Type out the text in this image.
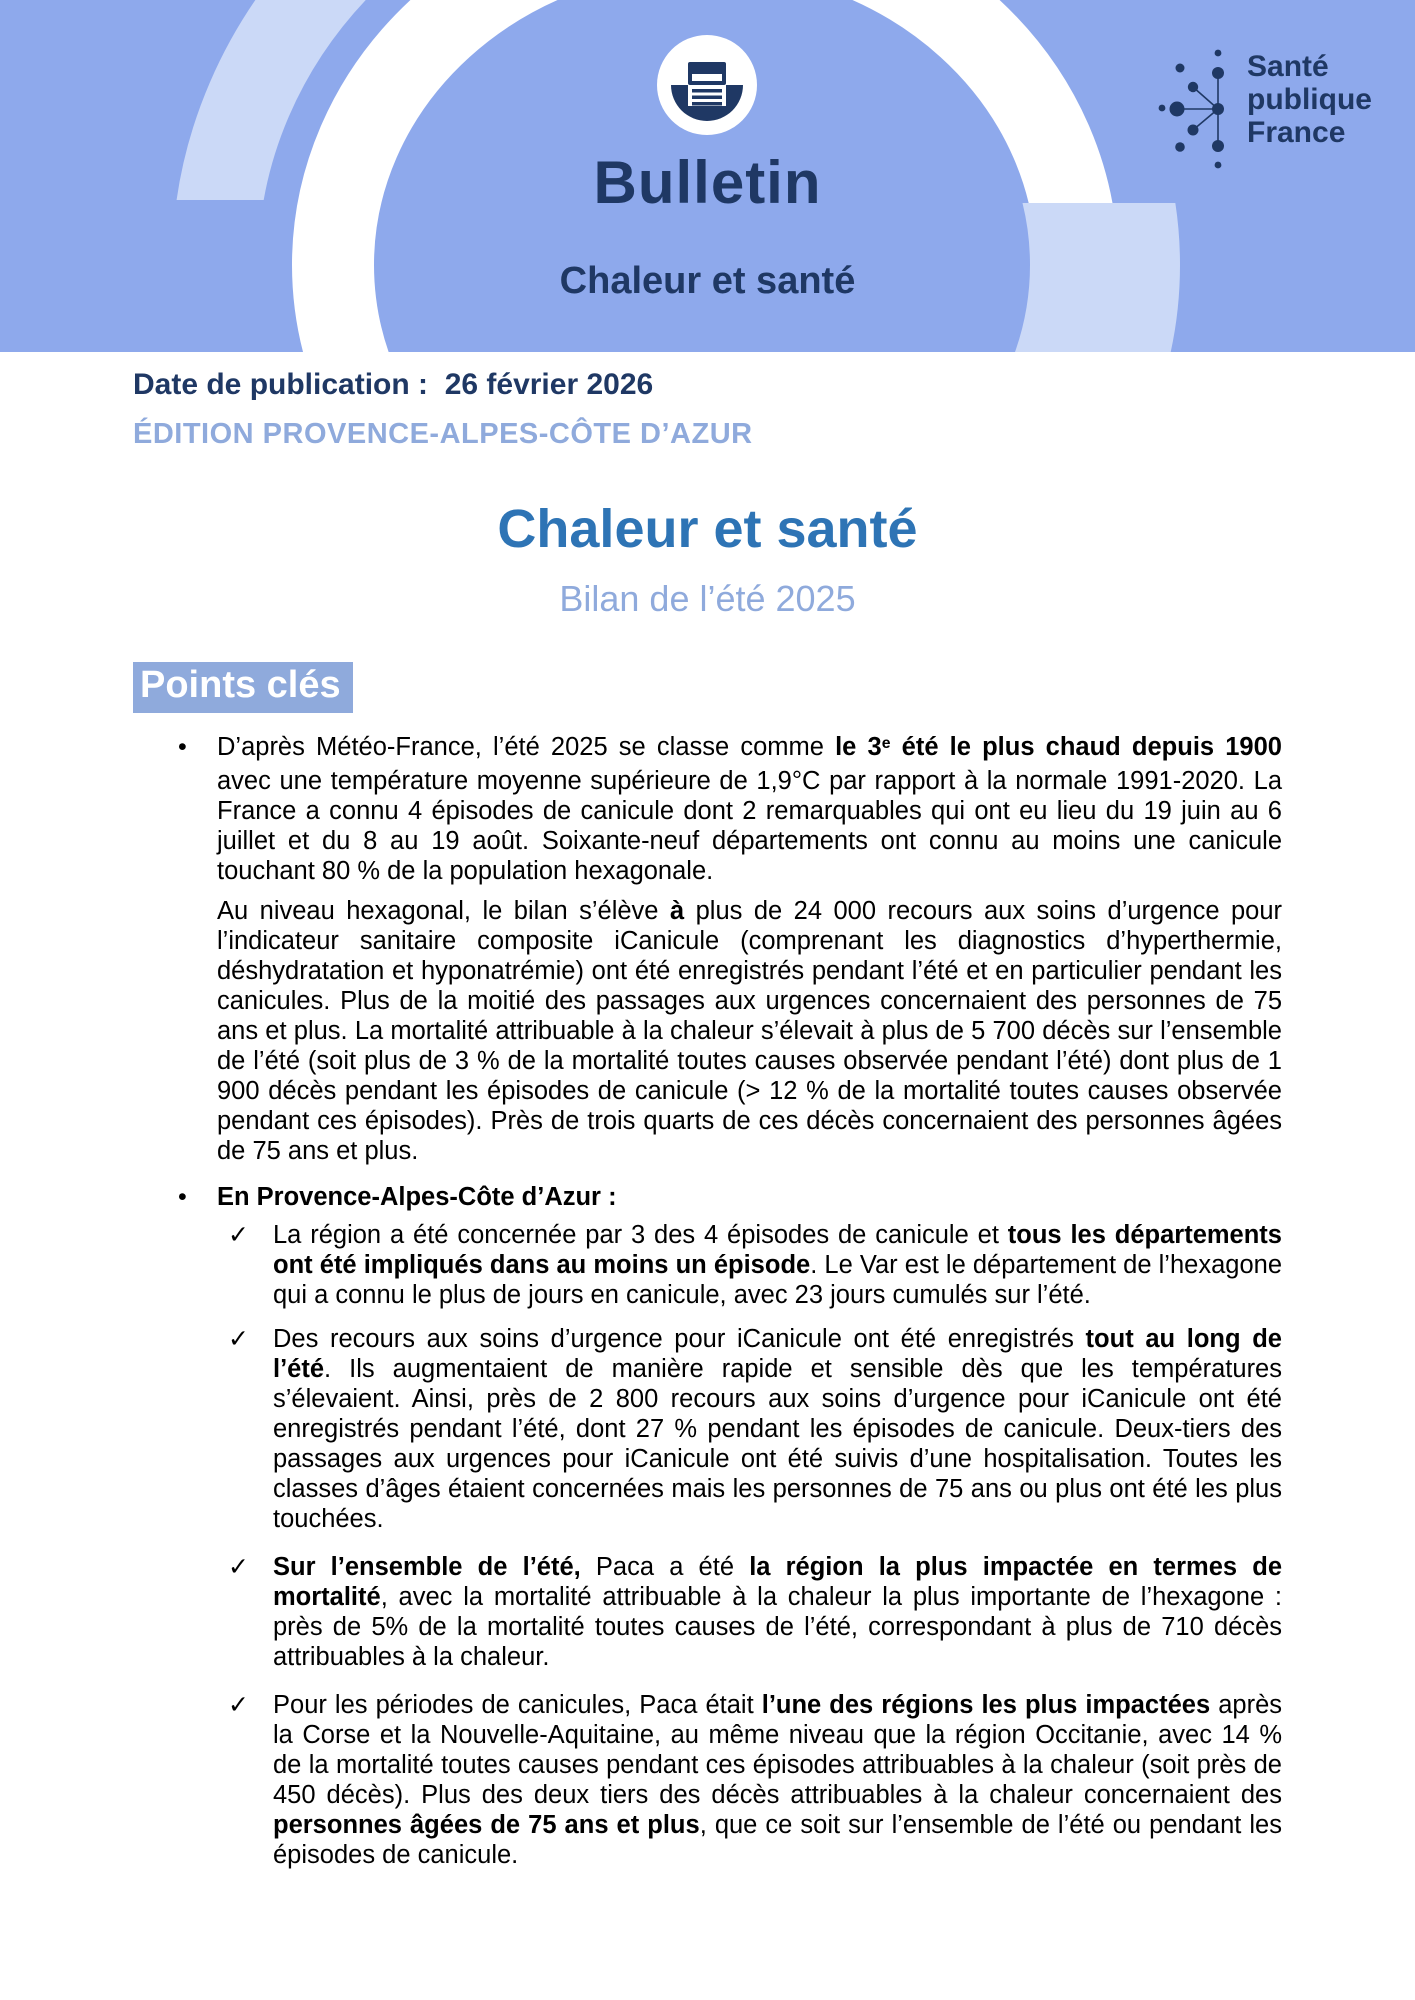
Bulletin
Chaleur et santé
Santé
publique
France
Date de publication :  26 février 2026
ÉDITION PROVENCE-ALPES-CÔTE D’AZUR
Chaleur et santé
Bilan de l’été 2025
Points clés
• D’après Météo-France, l’été 2025 se classe comme le 3e été le plus chaud depuis 1900 avec une température moyenne supérieure de 1,9°C par rapport à la normale 1991-2020. La France a connu 4 épisodes de canicule dont 2 remarquables qui ont eu lieu du 19 juin au 6 juillet et du 8 au 19 août. Soixante-neuf départements ont connu au moins une canicule touchant 80 % de la population hexagonale.
Au niveau hexagonal, le bilan s’élève à plus de 24 000 recours aux soins d’urgence pour l’indicateur sanitaire composite iCanicule (comprenant les diagnostics d’hyperthermie, déshydratation et hyponatrémie) ont été enregistrés pendant l’été et en particulier pendant les canicules. Plus de la moitié des passages aux urgences concernaient des personnes de 75 ans et plus. La mortalité attribuable à la chaleur s’élevait à plus de 5 700 décès sur l’ensemble de l’été (soit plus de 3 % de la mortalité toutes causes observée pendant l’été) dont plus de 1 900 décès pendant les épisodes de canicule (> 12 % de la mortalité toutes causes observée pendant ces épisodes). Près de trois quarts de ces décès concernaient des personnes âgées de 75 ans et plus.
• En Provence-Alpes-Côte d’Azur :
✓ La région a été concernée par 3 des 4 épisodes de canicule et tous les départements ont été impliqués dans au moins un épisode. Le Var est le département de l’hexagone qui a connu le plus de jours en canicule, avec 23 jours cumulés sur l’été.
✓ Des recours aux soins d’urgence pour iCanicule ont été enregistrés tout au long de l’été. Ils augmentaient de manière rapide et sensible dès que les températures s’élevaient. Ainsi, près de 2 800 recours aux soins d’urgence pour iCanicule ont été enregistrés pendant l’été, dont 27 % pendant les épisodes de canicule. Deux-tiers des passages aux urgences pour iCanicule ont été suivis d’une hospitalisation. Toutes les classes d’âges étaient concernées mais les personnes de 75 ans ou plus ont été les plus touchées.
✓ Sur l’ensemble de l’été, Paca a été la région la plus impactée en termes de mortalité, avec la mortalité attribuable à la chaleur la plus importante de l’hexagone : près de 5% de la mortalité toutes causes de l’été, correspondant à plus de 710 décès attribuables à la chaleur.
✓ Pour les périodes de canicules, Paca était l’une des régions les plus impactées après la Corse et la Nouvelle-Aquitaine, au même niveau que la région Occitanie, avec 14 % de la mortalité toutes causes pendant ces épisodes attribuables à la chaleur (soit près de 450 décès). Plus des deux tiers des décès attribuables à la chaleur concernaient des personnes âgées de 75 ans et plus, que ce soit sur l’ensemble de l’été ou pendant les épisodes de canicule.
